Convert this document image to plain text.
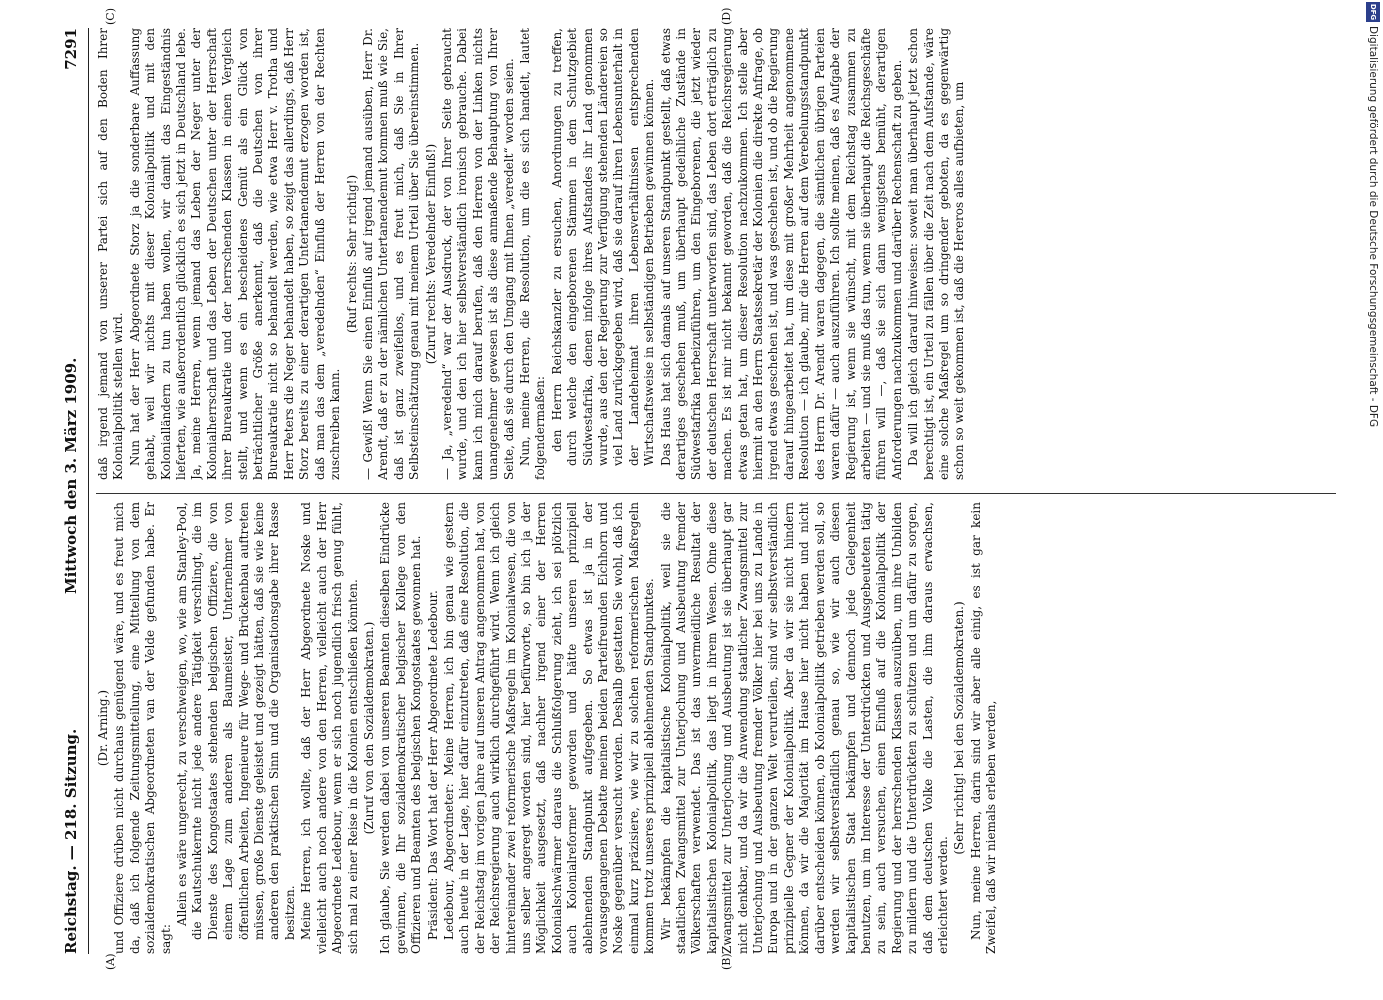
Reichstag. — 218. Sitzung.
Mittwoch den 3. März 1909.
7291
(A)	(B)
(C)	(D)

(Dr. Arning.) und Offiziere drüben nicht durchaus genügend wäre, und es freut mich da, daß ich folgende Zeitungsmitteilung, eine Mitteilung von dem sozialdemokratischen Abgeordneten van der Velde gefunden habe. Er sagt:

Allein es wäre ungerecht, zu verschweigen, wo, wie am Stanley-Pool, die Kautschukernte nicht jede andere Tätigkeit verschlingt, die im Dienste des Kongostaates stehenden belgischen Offiziere, die von einem Lage zum anderen als Baumeister, Unternehmer von öffentlichen Arbeiten, Ingenieure für Wege- und Brückenbau auftreten müssen, große Dienste geleistet und gezeigt hätten, daß sie wie keine anderen den praktischen Sinn und die Organisationsgabe ihrer Rasse besitzen. Meine Herren, ich wollte, daß der Herr Abgeordnete Noske und vielleicht auch noch andere von den Herren, vielleicht auch der Herr Abgeordnete Ledebour, wenn er sich noch jugendlich frisch genug fühlt, sich mal zu einer Reise in die Kolonien entschließen könnten. (Zuruf von den Sozialdemokraten.) Ich glaube, Sie werden dabei von unseren Beamten dieselben Eindrücke gewinnen, die Ihr sozialdemokratischer belgischer Kollege von den Offizieren und Beamten des belgischen Kongostaates gewonnen hat. Präsident: Das Wort hat der Herr Abgeordnete Ledebour. Ledebour, Abgeordneter: Meine Herren, ich bin genau wie gestern auch heute in der Lage, hier dafür einzutreten, daß eine Resolution, die der Reichstag im vorigen Jahre auf unseren Antrag angenommen hat, von der Reichsregierung auch wirklich durchgeführt wird. Wenn ich gleich hintereinander zwei reformerische Maßregeln im Kolonialwesen, die von uns selber angeregt worden sind, hier befürworte, so bin ich ja der Möglichkeit ausgesetzt, daß nachher irgend einer der Herren Kolonialschwärmer daraus die Schlußfolgerung zieht, ich sei plötzlich auch Kolonialreformer geworden und hätte unseren prinzipiell ablehnenden Standpunkt aufgegeben. So etwas ist ja in der vorausgegangenen Debatte meinen beiden Parteifreunden Eichhorn und Noske gegenüber versucht worden. Deshalb gestatten Sie wohl, daß ich einmal kurz präzisiere, wie wir zu solchen reformerischen Maßregeln kommen trotz unseres prinzipiell ablehnenden Standpunktes. Wir bekämpfen die kapitalistische Kolonialpolitik, weil sie die staatlichen Zwangsmittel zur Unterjochung und Ausbeutung fremder Völkerschaften verwendet. Das ist das unvermeidliche Resultat der kapitalistischen Kolonialpolitik, das liegt in ihrem Wesen. Ohne diese Zwangsmittel zur Unterjochung und Ausbeutung ist sie überhaupt gar nicht denkbar, und da wir die Anwendung staatlicher Zwangsmittel zur Unterjochung und Ausbeutung fremder Völker hier bei uns zu Lande in Europa und in der ganzen Welt verurteilen, sind wir selbstverständlich prinzipielle Gegner der Kolonialpolitik. Aber da wir sie nicht hindern können, da wir die Majorität im Hause hier nicht haben und nicht darüber entscheiden können, ob Kolonialpolitik getrieben werden soll, so werden wir selbstverständlich genau so, wie wir auch diesen kapitalistischen Staat bekämpfen und dennoch jede Gelegenheit benutzen, um im Interesse der Unterdrückten und Ausgebeuteten tätig zu sein, auch versuchen, einen Einfluß auf die Kolonialpolitik der Regierung und der herrschenden Klassen auszuüben, um ihre Unbilden zu mildern und die Unterdrückten zu schützen und um dafür zu sorgen, daß dem deutschen Volke die Lasten, die ihm daraus erwachsen, erleichtert werden.

(Sehr richtig! bei den Sozialdemokraten.) Nun, meine Herren, darin sind wir aber alle einig, es ist gar kein Zweifel, daß wir niemals erleben werden,

daß irgend jemand von unserer Partei sich auf den Boden Ihrer Kolonialpolitik stellen wird. Nun hat der Herr Abgeordnete Storz ja die sonderbare Auffassung gehabt, weil wir nichts mit dieser Kolonialpolitik und mit den Kolonialländern zu tun haben wollen, wir damit das Eingeständnis lieferten, wie außerordentlich glücklich es sich jetzt in Deutschland lebe. Ja, meine Herren, wenn jemand das Leben der Neger unter der Kolonialherrschaft und das Leben der Deutschen unter der Herrschaft ihrer Bureaukratie und der herrschenden Klassen in einen Vergleich stellt, und wenn es ein bescheidenes Gemüt als ein Glück von beträchtlicher Größe anerkennt, daß die Deutschen von ihrer Bureaukratie nicht so behandelt werden, wie etwa Herr v. Trotha und Herr Peters die Neger behandelt haben, so zeigt das allerdings, daß Herr Storz bereits zu einer derartigen Untertanendemut erzogen worden ist, daß man das dem „veredelnden“ Einfluß der Herren von der Rechten zuschreiben kann.

(Ruf rechts: Sehr richtig!) — Gewiß! Wenn Sie einen Einfluß auf irgend jemand ausüben, Herr Dr. Arendt, daß er zu der nämlichen Untertanendemut kommen muß wie Sie, daß ist ganz zweifellos, und es freut mich, daß Sie in Ihrer Selbsteinschätzung genau mit meinem Urteil über Sie übereinstimmen. (Zuruf rechts: Veredelnder Einfluß!) — Ja, „veredelnd“ war der Ausdruck, der von Ihrer Seite gebraucht wurde, und den ich hier selbstverständlich ironisch gebrauche. Dabei kann ich mich darauf berufen, daß den Herren von der Linken nichts unangenehmer gewesen ist als diese anmaßende Behauptung von Ihrer Seite, daß sie durch den Umgang mit Ihnen „veredelt“ worden seien. Nun, meine Herren, die Resolution, um die es sich handelt, lautet folgendermaßen: den Herrn Reichskanzler zu ersuchen, Anordnungen zu treffen, durch welche den eingeborenen Stämmen in dem Schutzgebiet Südwestafrika, denen infolge ihres Aufstandes ihr Land genommen wurde, aus den der Regierung zur Verfügung stehenden Ländereien so viel Land zurückgegeben wird, daß sie darauf ihren Lebensunterhalt in der Landeheimat ihren Lebensverhältnissen entsprechenden Wirtschaftsweise in selbständigen Betrieben gewinnen können. Das Haus hat sich damals auf unseren Standpunkt gestellt, daß etwas derartiges geschehen muß, um überhaupt gedeihliche Zustände in Südwestafrika herbeizuführen, um den Eingeborenen, die jetzt wieder der deutschen Herrschaft unterworfen sind, das Leben dort erträglich zu machen. Es ist mir nicht bekannt geworden, daß die Reichsregierung etwas getan hat, um dieser Resolution nachzukommen. Ich stelle aber hiermit an den Herrn Staatssekretär der Kolonien die direkte Anfrage, ob irgend etwas geschehen ist, und was geschehen ist, und ob die Regierung darauf hingearbeitet hat, um diese mit großer Mehrheit angenommene Resolution — ich glaube, mir die Herren auf dem Verebelungsstandpunkt des Herrn Dr. Arendt waren dagegen, die sämtlichen übrigen Parteien waren dafür — auch auszuführen. Ich sollte meinen, daß es Aufgabe der Regierung ist, wenn sie wünscht, mit dem Reichstag zusammen zu arbeiten — und sie muß das tun, wenn sie überhaupt die Reichsgeschäfte führen will —, daß sie sich dann wenigstens bemüht, derartigen Anforderungen nachzukommen und darüber Rechenschaft zu geben. Da will ich gleich darauf hinweisen: soweit man überhaupt jetzt schon berechtigt ist, ein Urteil zu fällen über die Zeit nach dem Aufstande, wäre eine solche Maßregel um so dringender geboten, da es gegenwärtig schon so weit gekommen ist, daß die Hereros alles aufbieten, um

DFG
Digitalisierung gefördert durch die Deutsche Forschungsgemeinschaft - DFG
